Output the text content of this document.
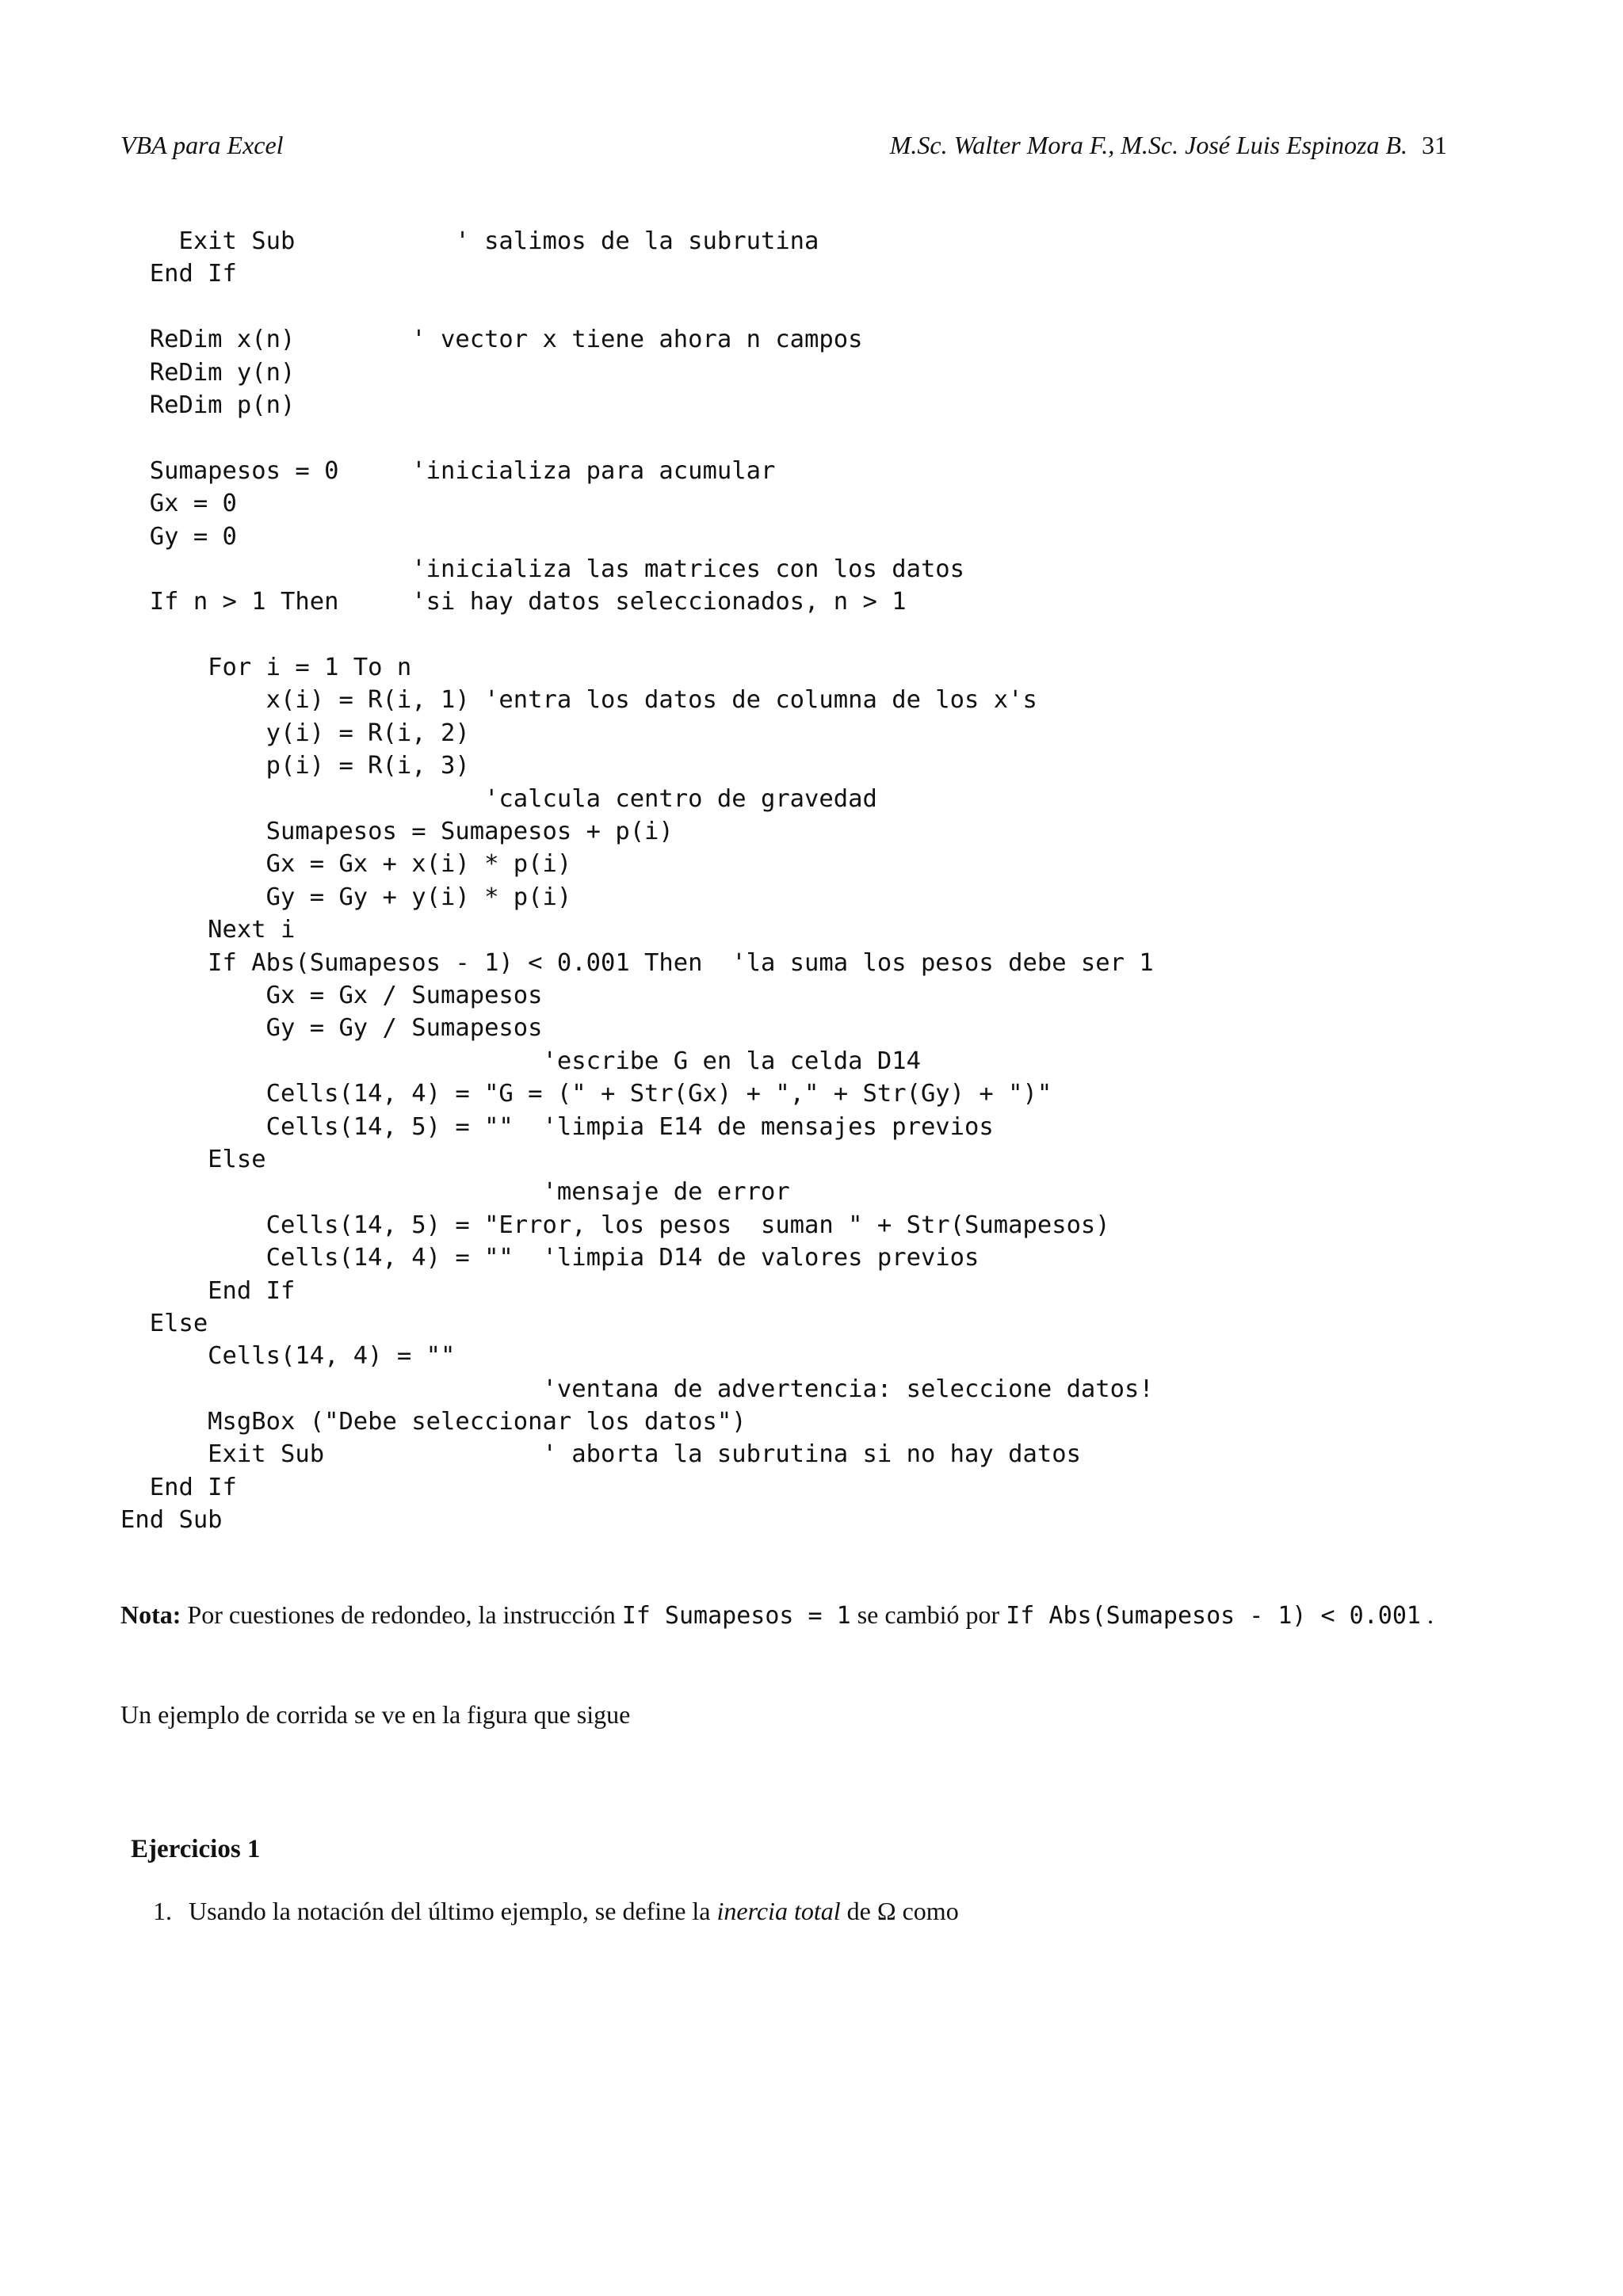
VBA para Excel	M.Sc. Walter Mora F., M.Sc. José Luis Espinoza B. 31
Exit Sub           ' salimos de la subrutina
End If
ReDim x(n)        ' vector x tiene ahora n campos
ReDim y(n)
ReDim p(n)
Sumapesos = 0     'inicializa para acumular
Gx = 0
Gy = 0
'inicializa las matrices con los datos
If n > 1 Then     'si hay datos seleccionados, n > 1
For i = 1 To n
x(i) = R(i, 1) 'entra los datos de columna de los x's
y(i) = R(i, 2)
p(i) = R(i, 3)
'calcula centro de gravedad
Sumapesos = Sumapesos + p(i)
Gx = Gx + x(i) * p(i)
Gy = Gy + y(i) * p(i)
Next i
If Abs(Sumapesos - 1) < 0.001 Then  'la suma los pesos debe ser 1
Gx = Gx / Sumapesos
Gy = Gy / Sumapesos
'escribe G en la celda D14
Cells(14, 4) = "G = (" + Str(Gx) + "," + Str(Gy) + ")"
Cells(14, 5) = ""  'limpia E14 de mensajes previos
Else
'mensaje de error
Cells(14, 5) = "Error, los pesos  suman " + Str(Sumapesos)
Cells(14, 4) = ""  'limpia D14 de valores previos
End If
Else
Cells(14, 4) = ""
'ventana de advertencia: seleccione datos!
MsgBox ("Debe seleccionar los datos")
Exit Sub               ' aborta la subrutina si no hay datos
End If
End Sub
Nota: Por cuestiones de redondeo, la instrucción If Sumapesos = 1 se cambió por If Abs(Sumapesos - 1) < 0.001 .
Un ejemplo de corrida se ve en la figura que sigue
Ejercicios 1
1. Usando la notación del último ejemplo, se define la inercia total de Ω como
